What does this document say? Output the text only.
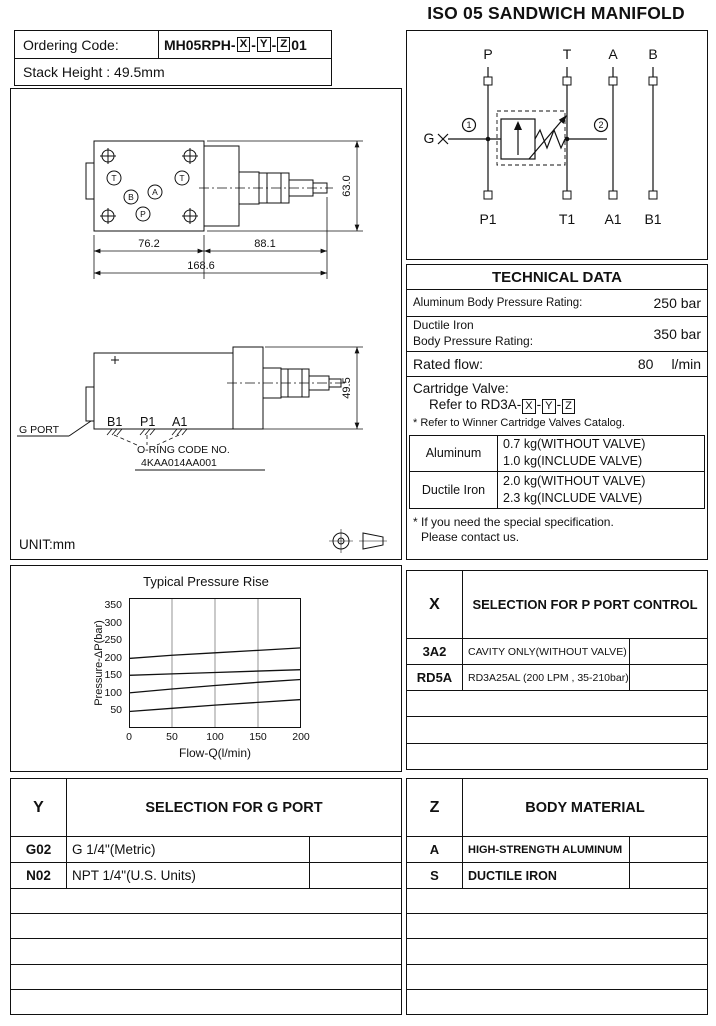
ISO 05 SANDWICH MANIFOLD
Ordering Code:	MH05RPH- X - Y - Z 01
Stack Height : 49.5mm
T	T
B A
P
76.2	88.1
168.6
63.0
B1 P1 A1
O-RING CODE NO.
4KAA014AA001
G PORT
49.5
UNIT:mm
P	T	A B
P1	T1 A1 B1
G
1	2
TECHNICAL DATA
Aluminum Body Pressure Rating:	250 bar
Ductile Iron
Body Pressure Rating:	350 bar
Rated flow:	80 l/min
Cartridge Valve:
Refer to RD3A- X - Y - Z
* Refer to Winner Cartridge Valves Catalog.
Aluminum
0.7 kg(WITHOUT VALVE)
1.0 kg(INCLUDE VALVE)
Ductile Iron
2.0 kg(WITHOUT VALVE)
2.3 kg(INCLUDE VALVE)
* If you need the special specification.
Please contact us.
X	SELECTION FOR P PORT CONTROL
3A2	CAVITY ONLY(WITHOUT VALVE)
RD5A	RD3A25AL (200 LPM , 35-210bar)
Typical Pressure Rise
Pressure-ΔP(bar)
50
100
150
200
250
300
350
0	50	100 150 200
Flow-Q(l/min)
Y	SELECTION FOR G PORT
G02	G 1/4"(Metric)
N02	NPT 1/4"(U.S. Units)
Z	BODY MATERIAL
A	HIGH-STRENGTH ALUMINUM
S	DUCTILE IRON
